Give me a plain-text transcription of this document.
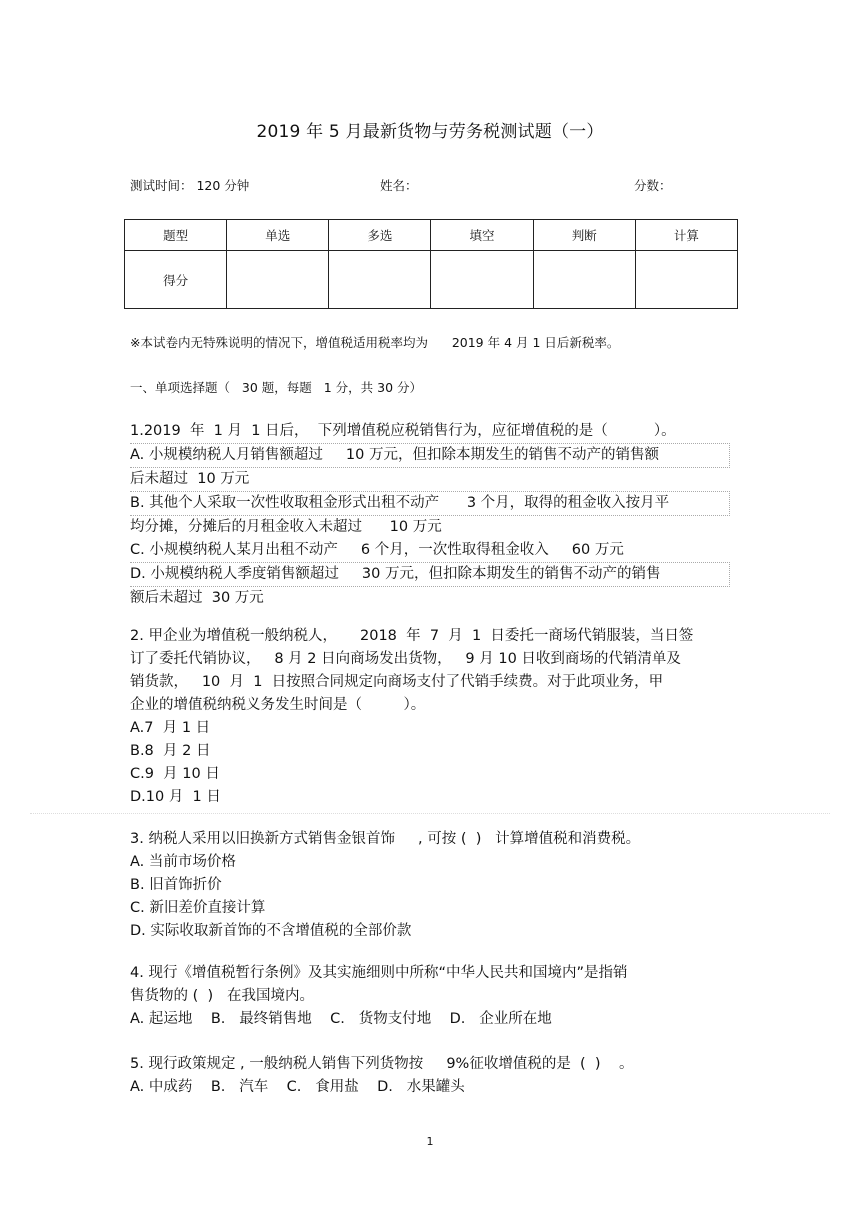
2019 年 5 月最新货物与劳务税测试题（一）
测试时间： 120 分钟	姓名：	分数：
题型	单选	多选	填空	判断	计算
得分					
※本试卷内无特殊说明的情况下，增值税适用税率均为      2019 年 4 月 1 日后新税率。
一、单项选择题（   30 题，每题   1 分，共 30 分）
1.2019  年  1 月  1 日后，  下列增值税应税销售行为，应征增值税的是（          ）。
A. 小规模纳税人月销售额超过     10 万元，但扣除本期发生的销售不动产的销售额
后未超过  10 万元
B. 其他个人采取一次性收取租金形式出租不动产      3 个月，取得的租金收入按月平
均分摊，分摊后的月租金收入未超过      10 万元
C. 小规模纳税人某月出租不动产     6 个月，一次性取得租金收入     60 万元
D. 小规模纳税人季度销售额超过     30 万元，但扣除本期发生的销售不动产的销售
额后未超过  30 万元
2. 甲企业为增值税一般纳税人，     2018  年  7  月  1  日委托一商场代销服装，当日签
订了委托代销协议，   8 月 2 日向商场发出货物，   9 月 10 日收到商场的代销清单及
销货款，   10  月  1  日按照合同规定向商场支付了代销手续费。对于此项业务，甲
企业的增值税纳税义务发生时间是（         ）。
A.7  月 1 日
B.8  月 2 日
C.9  月 10 日
D.10 月  1 日
3. 纳税人采用以旧换新方式销售金银首饰     , 可按 (  )   计算增值税和消费税。
A. 当前市场价格
B. 旧首饰折价
C. 新旧差价直接计算
D. 实际收取新首饰的不含增值税的全部价款
4. 现行《增值税暂行条例》及其实施细则中所称“中华人民共和国境内”是指销
售货物的 (  )   在我国境内。
A. 起运地    B.   最终销售地    C.   货物支付地    D.   企业所在地
5. 现行政策规定 , 一般纳税人销售下列货物按     9%征收增值税的是  (  )    。
A. 中成药    B.   汽车    C.   食用盐    D.   水果罐头
1
